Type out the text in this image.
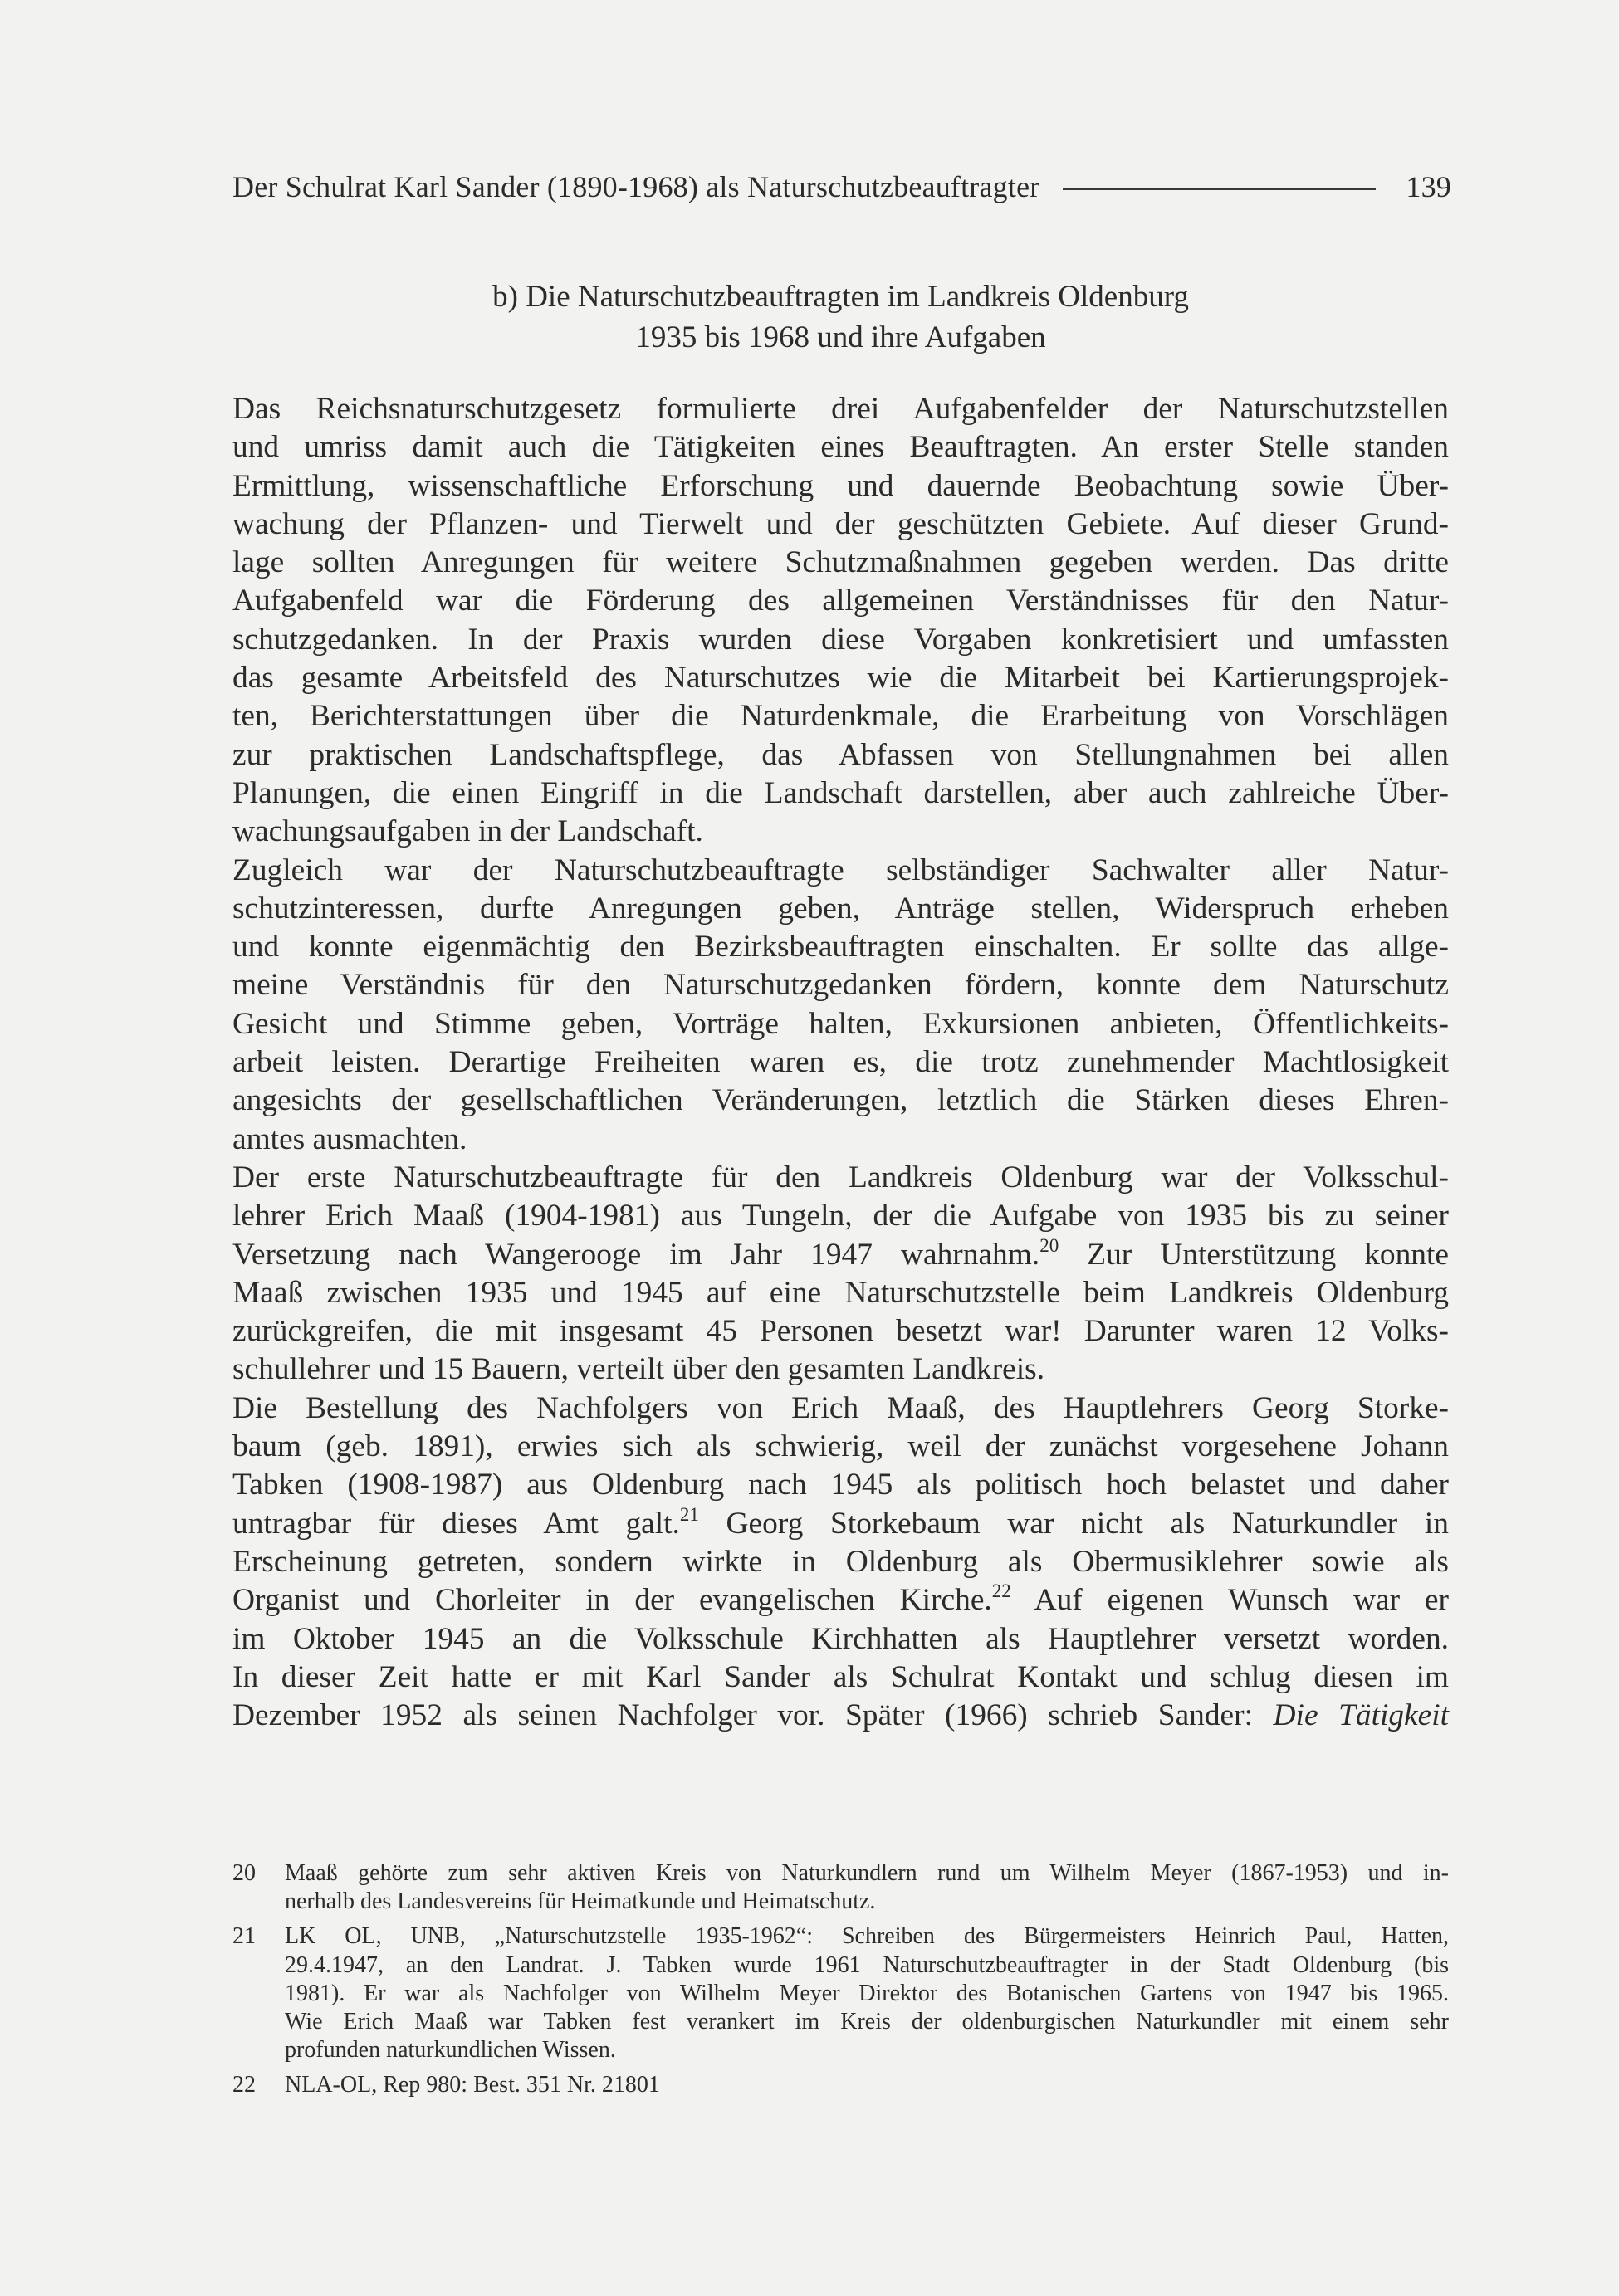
Der Schulrat Karl Sander (1890-1968) als Naturschutzbeauftragter	139
b) Die Naturschutzbeauftragten im Landkreis Oldenburg
1935 bis 1968 und ihre Aufgaben
Das Reichsnaturschutzgesetz formulierte drei Aufgabenfelder der Naturschutzstellen
und umriss damit auch die Tätigkeiten eines Beauftragten. An erster Stelle standen
Ermittlung, wissenschaftliche Erforschung und dauernde Beobachtung sowie Über-
wachung der Pflanzen- und Tierwelt und der geschützten Gebiete. Auf dieser Grund-
lage sollten Anregungen für weitere Schutzmaßnahmen gegeben werden. Das dritte
Aufgabenfeld war die Förderung des allgemeinen Verständnisses für den Natur-
schutzgedanken. In der Praxis wurden diese Vorgaben konkretisiert und umfassten
das gesamte Arbeitsfeld des Naturschutzes wie die Mitarbeit bei Kartierungsprojek-
ten, Berichterstattungen über die Naturdenkmale, die Erarbeitung von Vorschlägen
zur praktischen Landschaftspflege, das Abfassen von Stellungnahmen bei allen
Planungen, die einen Eingriff in die Landschaft darstellen, aber auch zahlreiche Über-
wachungsaufgaben in der Landschaft.
Zugleich war der Naturschutzbeauftragte selbständiger Sachwalter aller Natur-
schutzinteressen, durfte Anregungen geben, Anträge stellen, Widerspruch erheben
und konnte eigenmächtig den Bezirksbeauftragten einschalten. Er sollte das allge-
meine Verständnis für den Naturschutzgedanken fördern, konnte dem Naturschutz
Gesicht und Stimme geben, Vorträge halten, Exkursionen anbieten, Öffentlichkeits-
arbeit leisten. Derartige Freiheiten waren es, die trotz zunehmender Machtlosigkeit
angesichts der gesellschaftlichen Veränderungen, letztlich die Stärken dieses Ehren-
amtes ausmachten.
Der erste Naturschutzbeauftragte für den Landkreis Oldenburg war der Volksschul-
lehrer Erich Maaß (1904-1981) aus Tungeln, der die Aufgabe von 1935 bis zu seiner
Versetzung nach Wangerooge im Jahr 1947 wahrnahm.$^{20}$ Zur Unterstützung konnte
Maaß zwischen 1935 und 1945 auf eine Naturschutzstelle beim Landkreis Oldenburg
zurückgreifen, die mit insgesamt 45 Personen besetzt war! Darunter waren 12 Volks-
schullehrer und 15 Bauern, verteilt über den gesamten Landkreis.
Die Bestellung des Nachfolgers von Erich Maaß, des Hauptlehrers Georg Storke-
baum (geb. 1891), erwies sich als schwierig, weil der zunächst vorgesehene Johann
Tabken (1908-1987) aus Oldenburg nach 1945 als politisch hoch belastet und daher
untragbar für dieses Amt galt.$^{21}$ Georg Storkebaum war nicht als Naturkundler in
Erscheinung getreten, sondern wirkte in Oldenburg als Obermusiklehrer sowie als
Organist und Chorleiter in der evangelischen Kirche.$^{22}$ Auf eigenen Wunsch war er
im Oktober 1945 an die Volksschule Kirchhatten als Hauptlehrer versetzt worden.
In dieser Zeit hatte er mit Karl Sander als Schulrat Kontakt und schlug diesen im
Dezember 1952 als seinen Nachfolger vor. Später (1966) schrieb Sander: Die Tätigkeit
20 Maaß gehörte zum sehr aktiven Kreis von Naturkundlern rund um Wilhelm Meyer (1867-1953) und in-
nerhalb des Landesvereins für Heimatkunde und Heimatschutz.
21 LK OL, UNB, „Naturschutzstelle 1935-1962“: Schreiben des Bürgermeisters Heinrich Paul, Hatten,
29.4.1947, an den Landrat. J. Tabken wurde 1961 Naturschutzbeauftragter in der Stadt Oldenburg (bis
1981). Er war als Nachfolger von Wilhelm Meyer Direktor des Botanischen Gartens von 1947 bis 1965.
Wie Erich Maaß war Tabken fest verankert im Kreis der oldenburgischen Naturkundler mit einem sehr
profunden naturkundlichen Wissen.
22 NLA-OL, Rep 980: Best. 351 Nr. 21801
